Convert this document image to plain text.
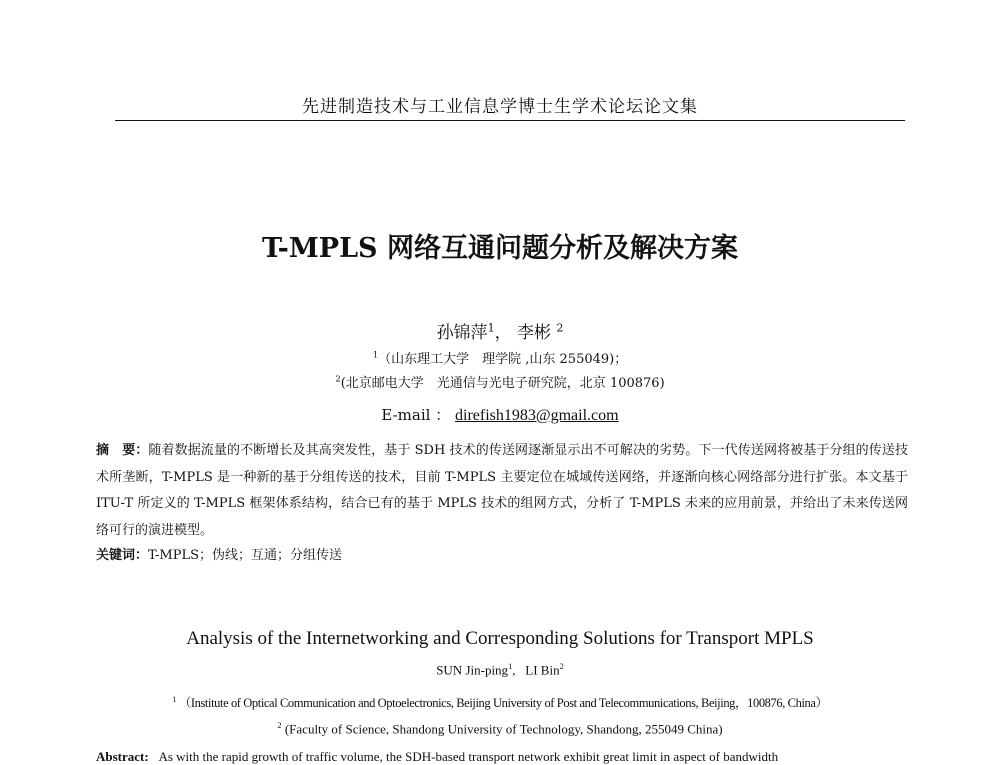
先进制造技术与工业信息学博士生学术论坛论文集
T-MPLS 网络互通问题分析及解决方案
孙锦萍$^1$， 李彬 $^2$
$^1$（山东理工大学　理学院 ,山东 255049)；
$^2$(北京邮电大学　光通信与光电子研究院，北京 100876)
E-mail ： direfish1983@gmail.com
摘　要：随着数据流量的不断增长及其高突发性，基于 SDH 技术的传送网逐渐显示出不可解决的劣势。下一代传送网将被基于分组的传送技术所垄断，T-MPLS 是一种新的基于分组传送的技术，目前 T-MPLS 主要定位在城域传送网络，并逐渐向核心网络部分进行扩张。本文基于 ITU-T 所定义的 T-MPLS 框架体系结构，结合已有的基于 MPLS 技术的组网方式，分析了 T-MPLS 未来的应用前景，并给出了未来传送网络可行的演进模型。
关键词：T-MPLS；伪线；互通；分组传送
Analysis of the Internetworking and Corresponding Solutions for Transport MPLS
SUN Jin-ping$^1$, LI Bin$^2$
$^1$ （Institute of Optical Communication and Optoelectronics, Beijing University of Post and Telecommunications, Beijing，100876, China）
$^2$ (Faculty of Science, Shandong University of Technology, Shandong, 255049 China)
Abstract: As with the rapid growth of traffic volume, the SDH-based transport network exhibit great limit in aspect of bandwidth
